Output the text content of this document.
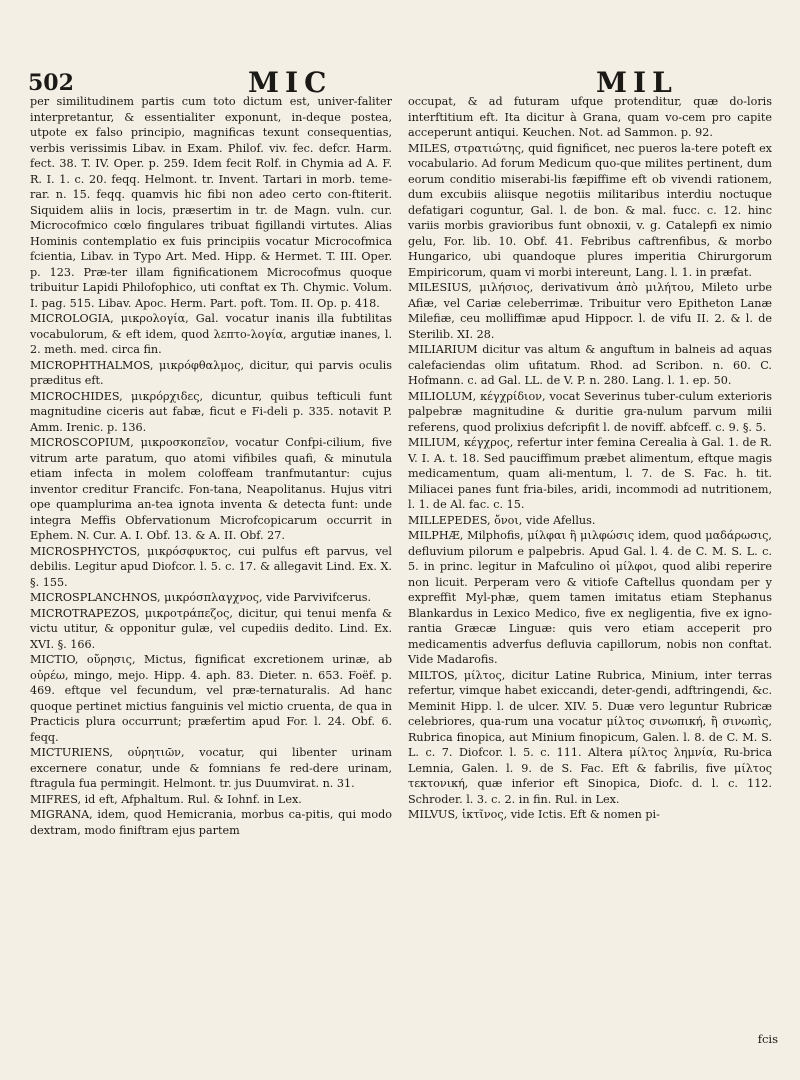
502	MIC	MIL

per similitudinem partis cum toto dictum est, univer-faliter interpretantur, & essentialiter exponunt, in-deque postea, utpote ex falso principio, magnificas texunt consequentias, verbis verissimis Libav. in Exam. Philof. viv. fec. defcr. Harm. fect. 38. T. IV. Oper. p. 259. Idem fecit Rolf. in Chymia ad A. F. R. I. 1. c. 20. feqq. Helmont. tr. Invent. Tartari in morb. teme-rar. n. 15. feqq. quamvis hic fibi non adeo certo con-ftiterit. Siquidem aliis in locis, præsertim in tr. de Magn. vuln. cur. Microcofmico cœlo fingulares tribuat figillandi virtutes. Alias Hominis contemplatio ex fuis principiis vocatur Microcofmica fcientia, Libav. in Typo Art. Med. Hipp. & Hermet. T. III. Oper. p. 123. Præ-ter illam fignificationem Microcofmus quoque tribuitur Lapidi Philofophico, uti conftat ex Th. Chymic. Volum. I. pag. 515. Libav. Apoc. Herm. Part. poft. Tom. II. Op. p. 418.

MICROLOGIA, μικρολογία, Gal. vocatur inanis illa fubtilitas vocabulorum, & eft idem, quod λεπτο-λογία, argutiæ inanes, l. 2. meth. med. circa fin.

MICROPHTHALMOS, μικρόφθαλμος, dicitur, qui parvis oculis præditus eft.

MICROCHIDES, μικρόρχιδες, dicuntur, quibus tefticuli funt magnitudine ciceris aut fabæ, ficut e Fi-deli p. 335. notavit P. Amm. Irenic. p. 136.

MICROSCOPIUM, μικροσκοπεῖον, vocatur Confpi-cilium, five vitrum arte paratum, quo atomi vifibiles quafi, & minutula etiam infecta in molem coloffeam tranfmutantur: cujus inventor creditur Francifc. Fon-tana, Neapolitanus. Hujus vitri ope quamplurima an-tea ignota inventa & detecta funt: unde integra Meffis Obfervationum Microfcopicarum occurrit in Ephem. N. Cur. A. I. Obf. 13. & A. II. Obf. 27.

MICROSPHYCTOS, μικρόσφυκτος, cui pulfus eft parvus, vel debilis. Legitur apud Diofcor. l. 5. c. 17. & allegavit Lind. Ex. X. §. 155.

MICROSPLANCHNOS, μικρόσπλαγχνος, vide Parvivifcerus.

MICROTRAPEZOS, μικροτράπεζος, dicitur, qui tenui menfa & victu utitur, & opponitur gulæ, vel cupediis dedito. Lind. Ex. XVI. §. 166.

MICTIO, οὔρησις, Mictus, fignificat excretionem urinæ, ab οὐρέω, mingo, mejo. Hipp. 4. aph. 83. Dieter. n. 653. Foëf. p. 469. eftque vel fecundum, vel præ-ternaturalis. Ad hanc quoque pertinet mictius fanguinis vel mictio cruenta, de qua in Practicis plura occurrunt; præfertim apud For. l. 24. Obf. 6. feqq.

MICTURIENS, οὐρητιῶν, vocatur, qui libenter urinam excernere conatur, unde & fomnians fe red-dere urinam, ftragula fua permingit. Helmont. tr. jus Duumvirat. n. 31.

MIFRES, id eft, Afphaltum. Rul. & Iohnf. in Lex.

MIGRANA, idem, quod Hemicrania, morbus ca-pitis, qui modo dextram, modo finiftram ejus partem

occupat, & ad futuram ufque protenditur, quæ do-loris interftitium eft. Ita dicitur à Grana, quam vo-cem pro capite acceperunt antiqui. Keuchen. Not. ad Sammon. p. 92.

MILES, στρατιώτης, quid fignificet, nec pueros la-tere poteft ex vocabulario. Ad forum Medicum quo-que milites pertinent, dum eorum conditio miserabi-lis fæpiffime eft ob vivendi rationem, dum excubiis aliisque negotiis militaribus interdiu noctuque defatigari coguntur, Gal. l. de bon. & mal. fucc. c. 12. hinc variis morbis gravioribus funt obnoxii, v. g. Catalepfi ex nimio gelu, For. lib. 10. Obf. 41. Febribus caftrenfibus, & morbo Hungarico, ubi quandoque plures imperitia Chirurgorum Empiricorum, quam vi morbi intereunt, Lang. l. 1. in præfat.

MILESIUS, μιλήσιος, derivativum ἀπὸ μιλήτου, Mileto urbe Afiæ, vel Cariæ celeberrimæ. Tribuitur vero Epitheton Lanæ Milefiæ, ceu molliffimæ apud Hippocr. l. de vifu II. 2. & l. de Sterilib. XI. 28.

MILIARIUM dicitur vas altum & anguftum in balneis ad aquas calefaciendas olim ufitatum. Rhod. ad Scribon. n. 60. C. Hofmann. c. ad Gal. LL. de V. P. n. 280. Lang. l. 1. ep. 50.

MILIOLUM, κέγχρίδιον, vocat Severinus tuber-culum exterioris palpebræ magnitudine & duritie gra-nulum parvum milii referens, quod prolixius defcripfit l. de noviff. abfceff. c. 9. §. 5.

MILIUM, κέγχρος, refertur inter femina Cerealia à Gal. 1. de R. V. I. A. t. 18. Sed pauciffimum præbet alimentum, eftque magis medicamentum, quam ali-mentum, l. 7. de S. Fac. h. tit. Miliacei panes funt fria-biles, aridi, incommodi ad nutritionem, l. 1. de Al. fac. c. 15.

MILLEPEDES, ὄνοι, vide Afellus.

MILPHÆ, Milphofis, μίλφαι ἢ μιλφώσις idem, quod μαδάρωσις, defluvium pilorum e palpebris. Apud Gal. l. 4. de C. M. S. L. c. 5. in princ. legitur in Mafculino οἱ μίλφοι, quod alibi reperire non licuit. Perperam vero & vitiofe Caftellus quondam per y expreffit Myl-phæ, quem tamen imitatus etiam Stephanus Blankardus in Lexico Medico, five ex negligentia, five ex igno-rantia Græcæ Linguæ: quis vero etiam acceperit pro medicamentis adverfus defluvia capillorum, nobis non conftat. Vide Madarofis.

MILTOS, μίλτος, dicitur Latine Rubrica, Minium, inter terras refertur, vimque habet exiccandi, deter-gendi, adftringendi, &c. Meminit Hipp. l. de ulcer. XIV. 5. Duæ vero leguntur Rubricæ celebriores, qua-rum una vocatur μίλτος σινωπική, ἢ σινωπὶς, Rubrica finopica, aut Minium finopicum, Galen. l. 8. de C. M. S. L. c. 7. Diofcor. l. 5. c. 111. Altera μίλτος λημνία, Ru-brica Lemnia, Galen. l. 9. de S. Fac. Eft & fabrilis, five μίλτος τεκτονική, quæ inferior eft Sinopica, Diofc. d. l. c. 112. Schroder. l. 3. c. 2. in fin. Rul. in Lex.

MILVUS, ἰκτῖνος, vide Ictis. Eft & nomen pi-

fcis
